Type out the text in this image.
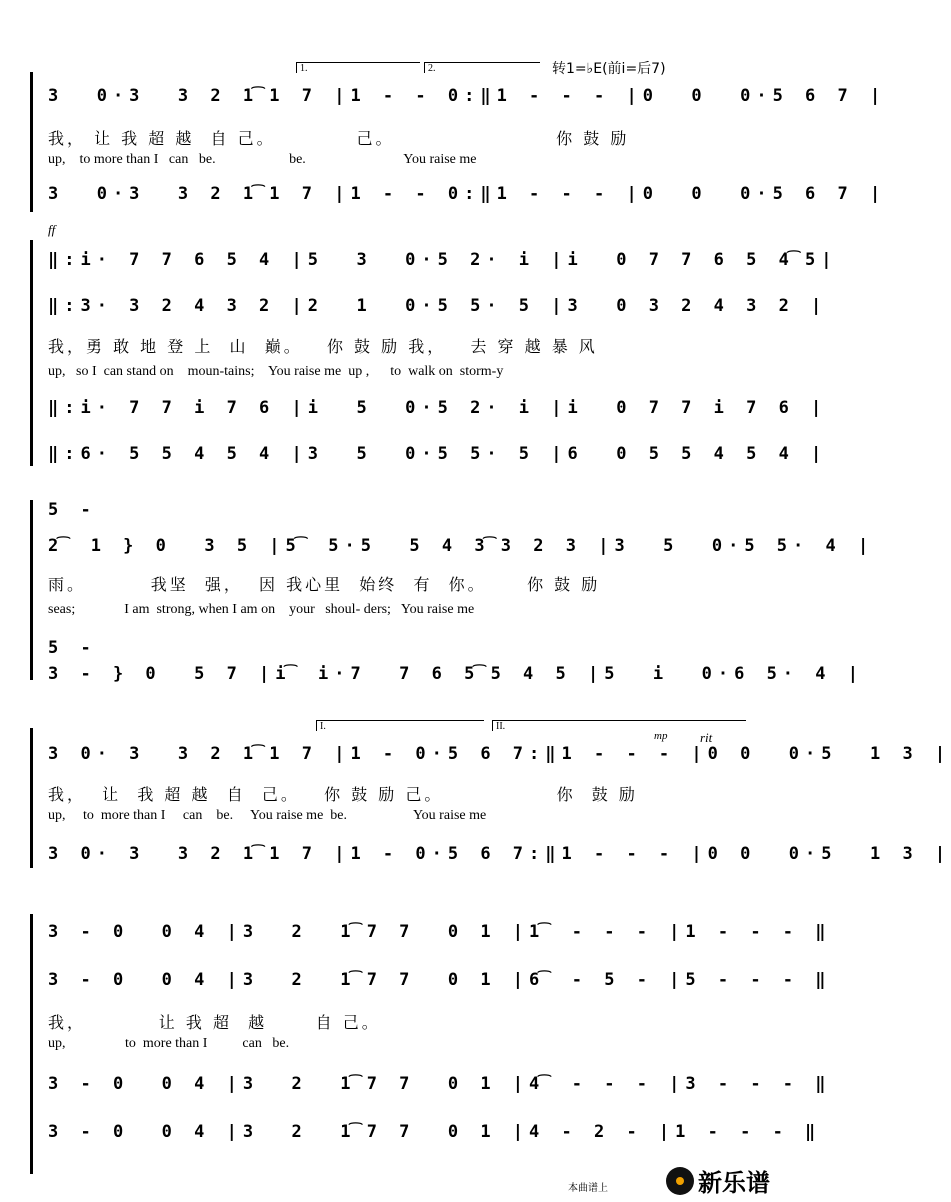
1.	2.	转1=♭E(前i=后7)
3  0·3  3 2 1͡1 7 |1 - - 0:‖1 - - - |0  0  0·5 6 7 |
我， 让 我 超 越  自 己。          己。                    你 鼓 励
up,    to more than I   can   be.                     be.                            You raise me
3  0·3  3 2 1͡1 7 |1 - - 0:‖1 - - - |0  0  0·5 6 7 |
ff
‖:i· 7 7 6 5 4 |5  3  0·5 2· i |i  0 7 7 6 5 4͡5|
‖:3· 3 2 4 3 2 |2  1  0·5 5· 5 |3  0 3 2 4 3 2 |
我，勇 敢 地 登 上  山  巅。   你 鼓 励 我，   去 穿 越 暴 风
up,   so I  can stand on    moun-tains;    You raise me  up ,      to  walk on  storm-y
‖:i· 7 7 i 7 6 |i  5  0·5 2· i |i  0 7 7 i 7 6 |
‖:6· 5 5 4 5 4 |3  5  0·5 5· 5 |6  0 5 5 4 5 4 |
5 -
2͡ 1 } 0  3 5 |5͡ 5·5  5 4 3͡3 2 3 |3  5  0·5 5· 4 |
雨。        我坚  强，  因 我心里  始终  有  你。     你 鼓 励
seas;              I am  strong, when I am on    your   shoul- ders;   You raise me
5 -
3 - } 0  5 7 |i͡ i·7  7 6 5͡5 4 5 |5  i  0·6 5· 4 |
I.	II.
mp	rit
3 0· 3  3 2 1͡1 7 |1 - 0·5 6 7:‖1 - - - |0 0  0·5  1 3 |
我，  让  我 超 越  自  己。   你 鼓 励 己。              你  鼓 励
up,     to  more than I     can    be.     You raise me  be.                   You raise me
3 0· 3  3 2 1͡1 7 |1 - 0·5 6 7:‖1 - - - |0 0  0·5  1 3 |
3 - 0  0 4 |3  2  1͡7 7  0 1 |1͡ - - - |1 - - - ‖
3 - 0  0 4 |3  2  1͡7 7  0 1 |6͡ - 5 - |5 - - - ‖
我，         让 我 超  越      自 己。
up,                 to  more than I          can   be.
3 - 0  0 4 |3  2  1͡7 7  0 1 |4͡ - - - |3 - - - ‖
3 - 0  0 4 |3  2  1͡7 7  0 1 |4 - 2 - |1 - - - ‖
本曲谱上	新乐谱
